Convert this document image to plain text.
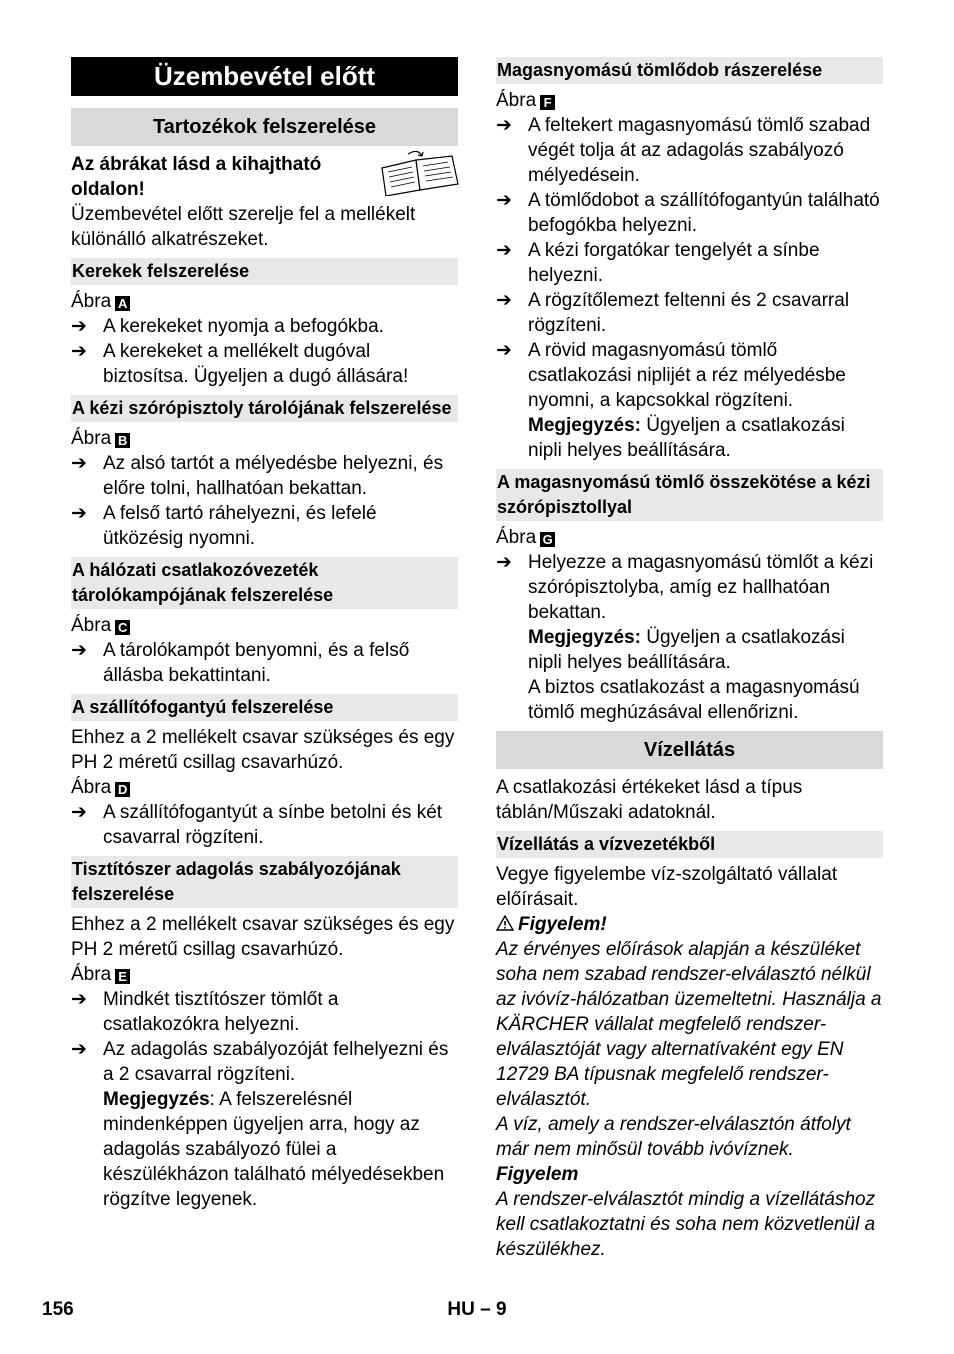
Üzembevétel előtt
Tartozékok felszerelése
Az ábrákat lásd a kihajtható oldalon!
Üzembevétel előtt szerelje fel a mellékelt különálló alkatrészeket.
Kerekek felszerelése
Ábra A
➔ A kerekeket nyomja a befogókba.
➔ A kerekeket a mellékelt dugóval biztosítsa. Ügyeljen a dugó állására!
A kézi szórópisztoly tárolójának felszerelése
Ábra B
➔ Az alsó tartót a mélyedésbe helyezni, és előre tolni, hallhatóan bekattan.
➔ A felső tartó ráhelyezni, és lefelé ütközésig nyomni.
A hálózati csatlakozóvezeték tárolókampójának felszerelése
Ábra C
➔ A tárolókampót benyomni, és a felső állásba bekattintani.
A szállítófogantyú felszerelése
Ehhez a 2 mellékelt csavar szükséges és egy PH 2 méretű csillag csavarhúzó.
Ábra D
➔ A szállítófogantyút a sínbe betolni és két csavarral rögzíteni.
Tisztítószer adagolás szabályozójának felszerelése
Ehhez a 2 mellékelt csavar szükséges és egy PH 2 méretű csillag csavarhúzó.
Ábra E
➔ Mindkét tisztítószer tömlőt a csatlakozókra helyezni.
➔ Az adagolás szabályozóját felhelyezni és a 2 csavarral rögzíteni.
Megjegyzés: A felszerelésnél mindenképpen ügyeljen arra, hogy az adagolás szabályozó fülei a készülékházon található mélyedésekben rögzítve legyenek.
Magasnyomású tömlődob rászerelése
Ábra F
➔ A feltekert magasnyomású tömlő szabad végét tolja át az adagolás szabályozó mélyedésein.
➔ A tömlődobot a szállítófogantyún található befogókba helyezni.
➔ A kézi forgatókar tengelyét a sínbe helyezni.
➔ A rögzítőlemezt feltenni és 2 csavarral rögzíteni.
➔ A rövid magasnyomású tömlő csatlakozási niplijét a réz mélyedésbe nyomni, a kapcsokkal rögzíteni.
Megjegyzés: Ügyeljen a csatlakozási nipli helyes beállítására.
A magasnyomású tömlő összekötése a kézi szórópisztollyal
Ábra G
➔ Helyezze a magasnyomású tömlőt a kézi szórópisztolyba, amíg ez hallhatóan bekattan.
Megjegyzés: Ügyeljen a csatlakozási nipli helyes beállítására.
A biztos csatlakozást a magasnyomású tömlő meghúzásával ellenőrizni.
Vízellátás
A csatlakozási értékeket lásd a típus táblán/Műszaki adatoknál.
Vízellátás a vízvezetékből
Vegye figyelembe víz-szolgáltató vállalat előírásait.
Figyelem!
Az érvényes előírások alapján a készüléket soha nem szabad rendszer-elválasztó nélkül az ivóvíz-hálózatban üzemeltetni. Használja a KÄRCHER vállalat megfelelő rendszer-elválasztóját vagy alternatívaként egy EN 12729 BA típusnak megfelelő rendszer-elválasztót.
A víz, amely a rendszer-elválasztón átfolyt már nem minősül tovább ivóvíznek.
Figyelem
A rendszer-elválasztót mindig a vízellátáshoz kell csatlakoztatni és soha nem közvetlenül a készülékhez.
HU – 9
156
